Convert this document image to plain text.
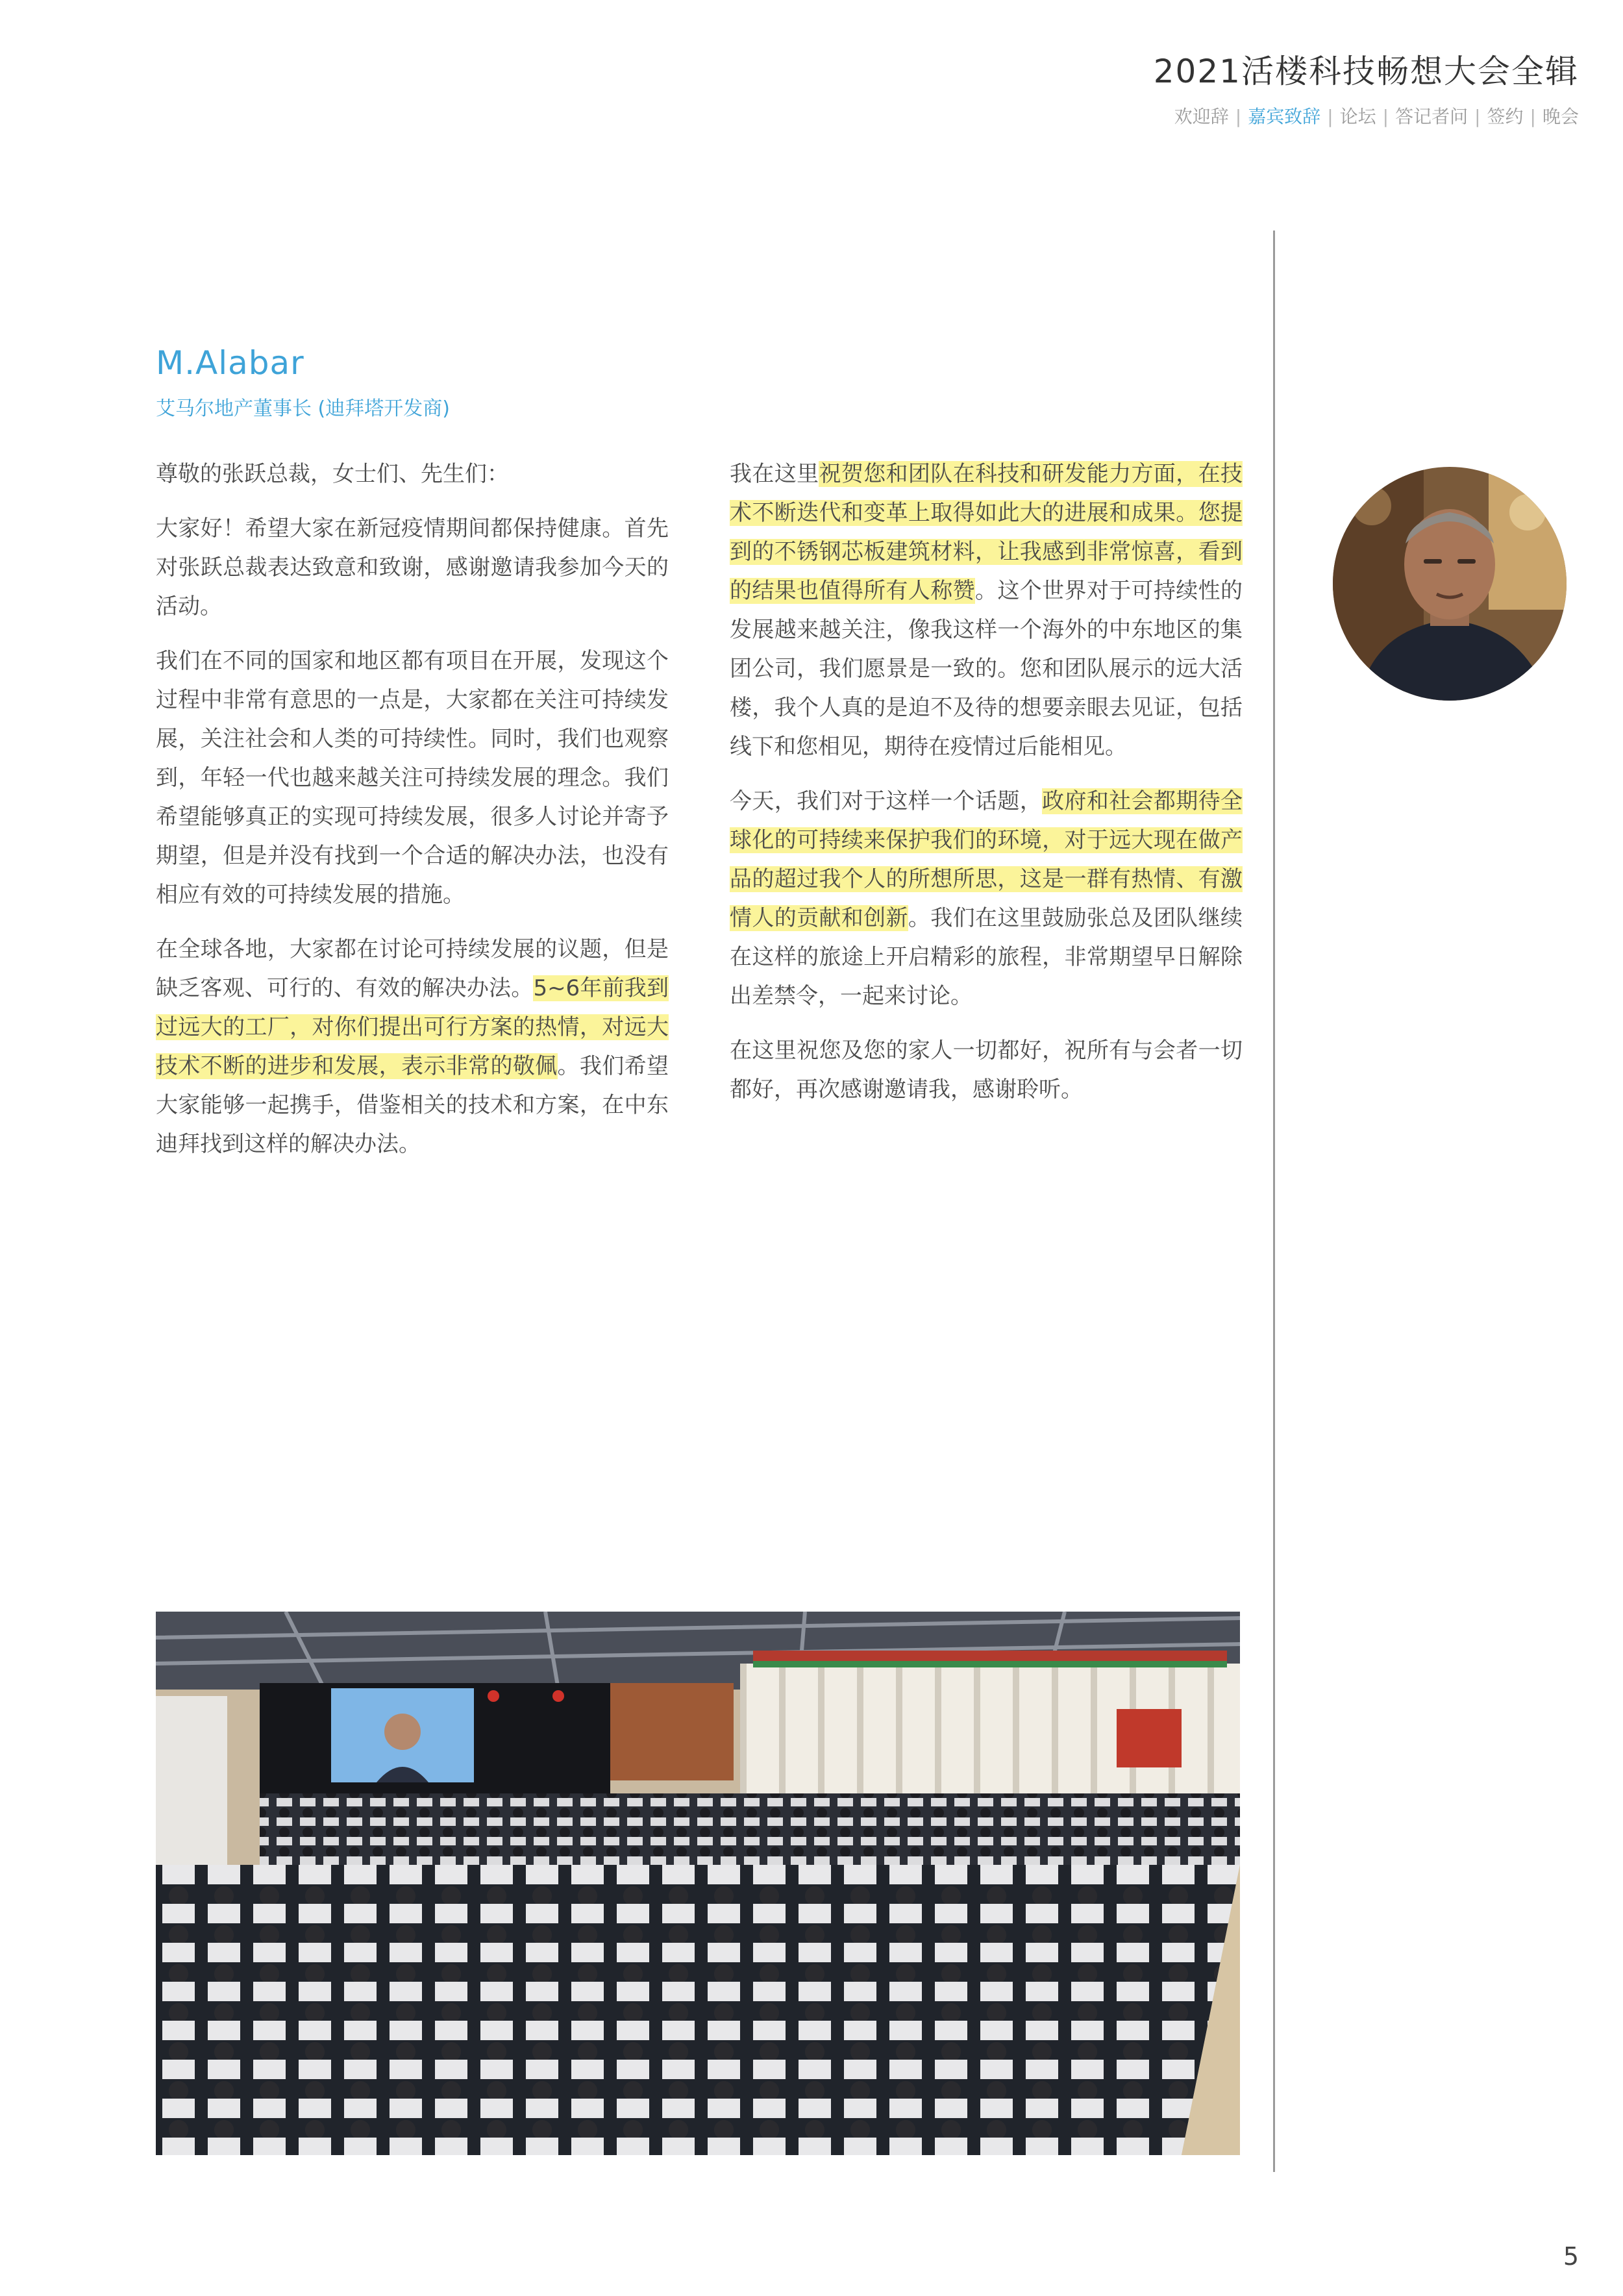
2021活楼科技畅想大会全辑
欢迎辞 | 嘉宾致辞 | 论坛 | 答记者问 | 签约 | 晚会
M.Alabar
艾马尔地产董事长 (迪拜塔开发商)

尊敬的张跃总裁，女士们、先生们：

大家好！希望大家在新冠疫情期间都保持健康。首先对张跃总裁表达致意和致谢，感谢邀请我参加今天的活动。

我们在不同的国家和地区都有项目在开展，发现这个过程中非常有意思的一点是，大家都在关注可持续发展，关注社会和人类的可持续性。同时，我们也观察到，年轻一代也越来越关注可持续发展的理念。我们希望能够真正的实现可持续发展，很多人讨论并寄予期望，但是并没有找到一个合适的解决办法，也没有相应有效的可持续发展的措施。

在全球各地，大家都在讨论可持续发展的议题，但是缺乏客观、可行的、有效的解决办法。5~6年前我到过远大的工厂，对你们提出可行方案的热情，对远大技术不断的进步和发展，表示非常的敬佩。我们希望大家能够一起携手，借鉴相关的技术和方案，在中东迪拜找到这样的解决办法。

我在这里祝贺您和团队在科技和研发能力方面，在技术不断迭代和变革上取得如此大的进展和成果。您提到的不锈钢芯板建筑材料，让我感到非常惊喜，看到的结果也值得所有人称赞。这个世界对于可持续性的发展越来越关注，像我这样一个海外的中东地区的集团公司，我们愿景是一致的。您和团队展示的远大活楼，我个人真的是迫不及待的想要亲眼去见证，包括线下和您相见，期待在疫情过后能相见。

今天，我们对于这样一个话题，政府和社会都期待全球化的可持续来保护我们的环境，对于远大现在做产品的超过我个人的所想所思，这是一群有热情、有激情人的贡献和创新。我们在这里鼓励张总及团队继续在这样的旅途上开启精彩的旅程，非常期望早日解除出差禁令，一起来讨论。

在这里祝您及您的家人一切都好，祝所有与会者一切都好，再次感谢邀请我，感谢聆听。

5
